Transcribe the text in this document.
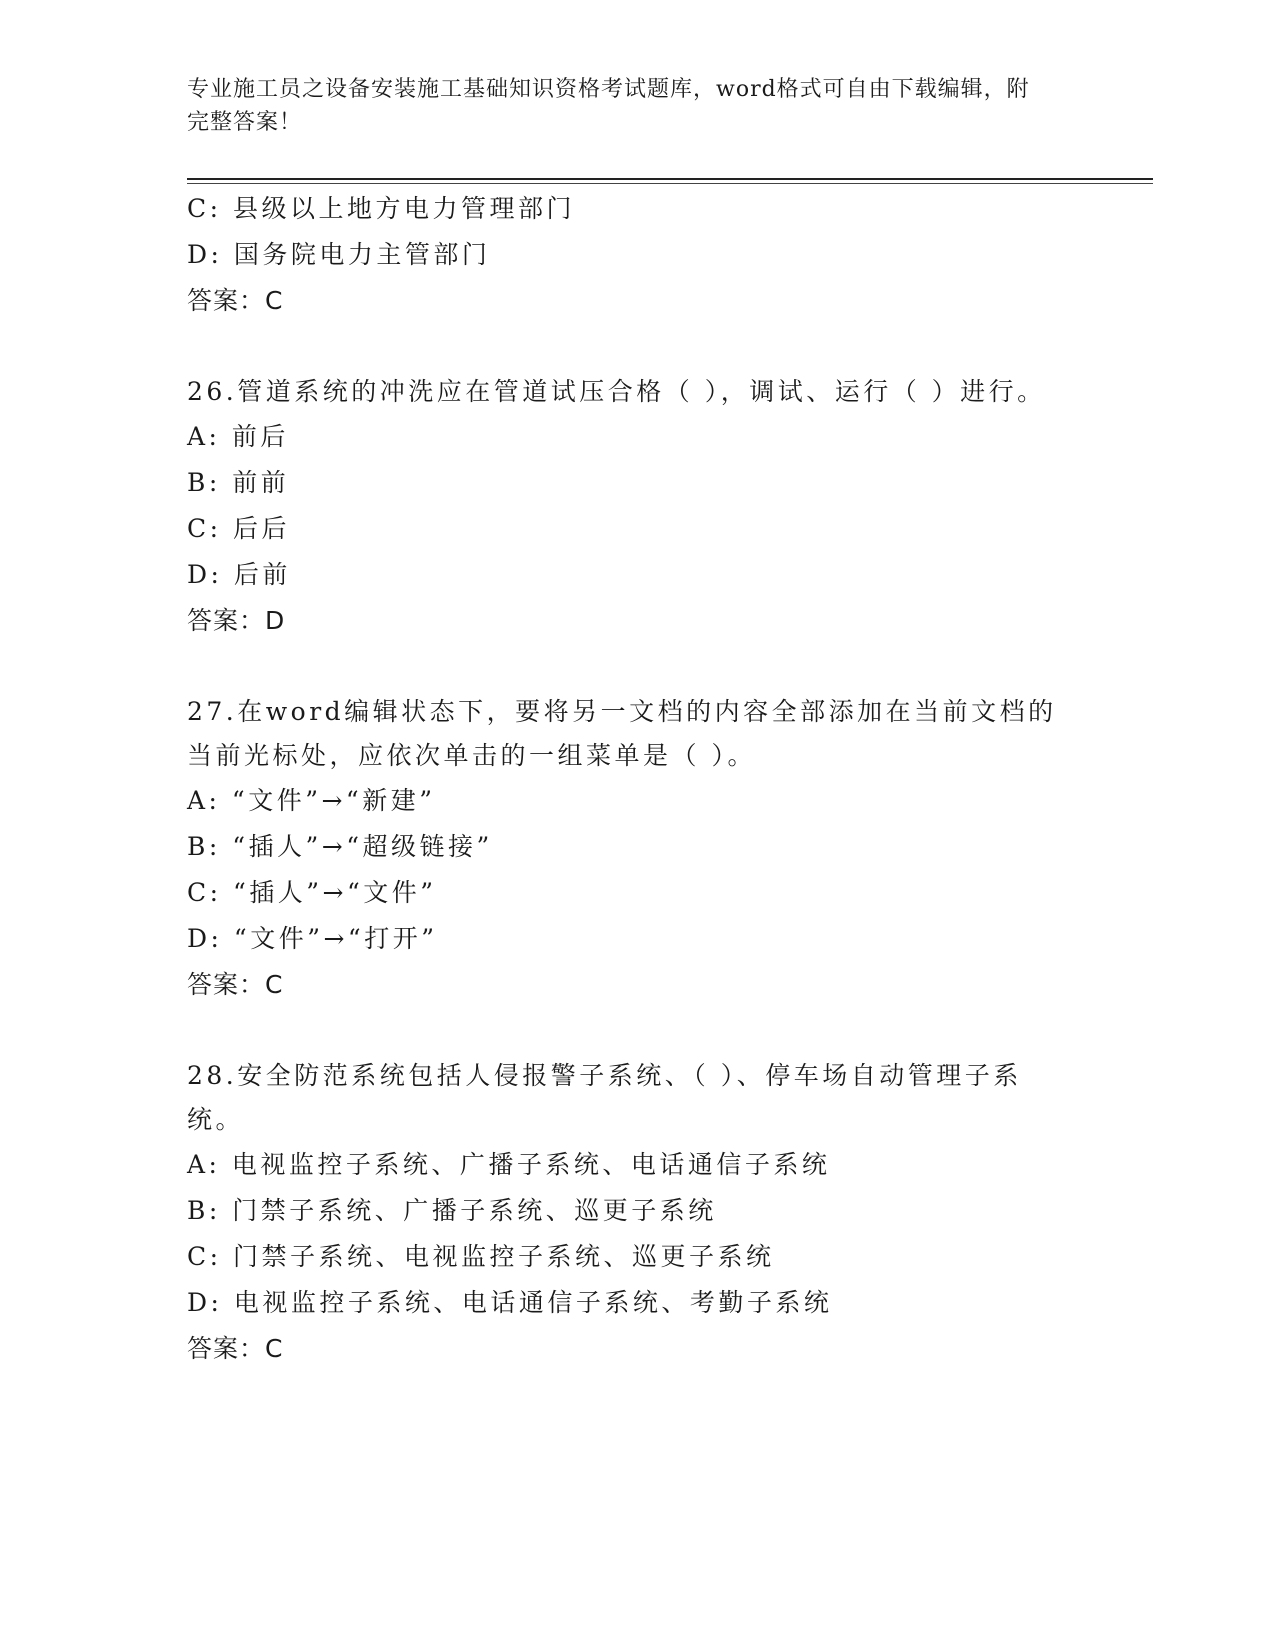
专业施工员之设备安装施工基础知识资格考试题库，word格式可自由下载编辑，附完整答案！
C: 县级以上地方电力管理部门
D: 国务院电力主管部门
答案：C
26.管道系统的冲洗应在管道试压合格（ ），调试、运行（ ）进行。
A: 前后
B: 前前
C: 后后
D: 后前
答案：D
27.在word编辑状态下，要将另一文档的内容全部添加在当前文档的当前光标处，应依次单击的一组菜单是（ ）。
A: “文件”→“新建”
B: “插人”→“超级链接”
C: “插人”→“文件”
D: “文件”→“打开”
答案：C
28.安全防范系统包括人侵报警子系统、（ ）、停车场自动管理子系统。
A: 电视监控子系统、广播子系统、电话通信子系统
B: 门禁子系统、广播子系统、巡更子系统
C: 门禁子系统、电视监控子系统、巡更子系统
D: 电视监控子系统、电话通信子系统、考勤子系统
答案：C
